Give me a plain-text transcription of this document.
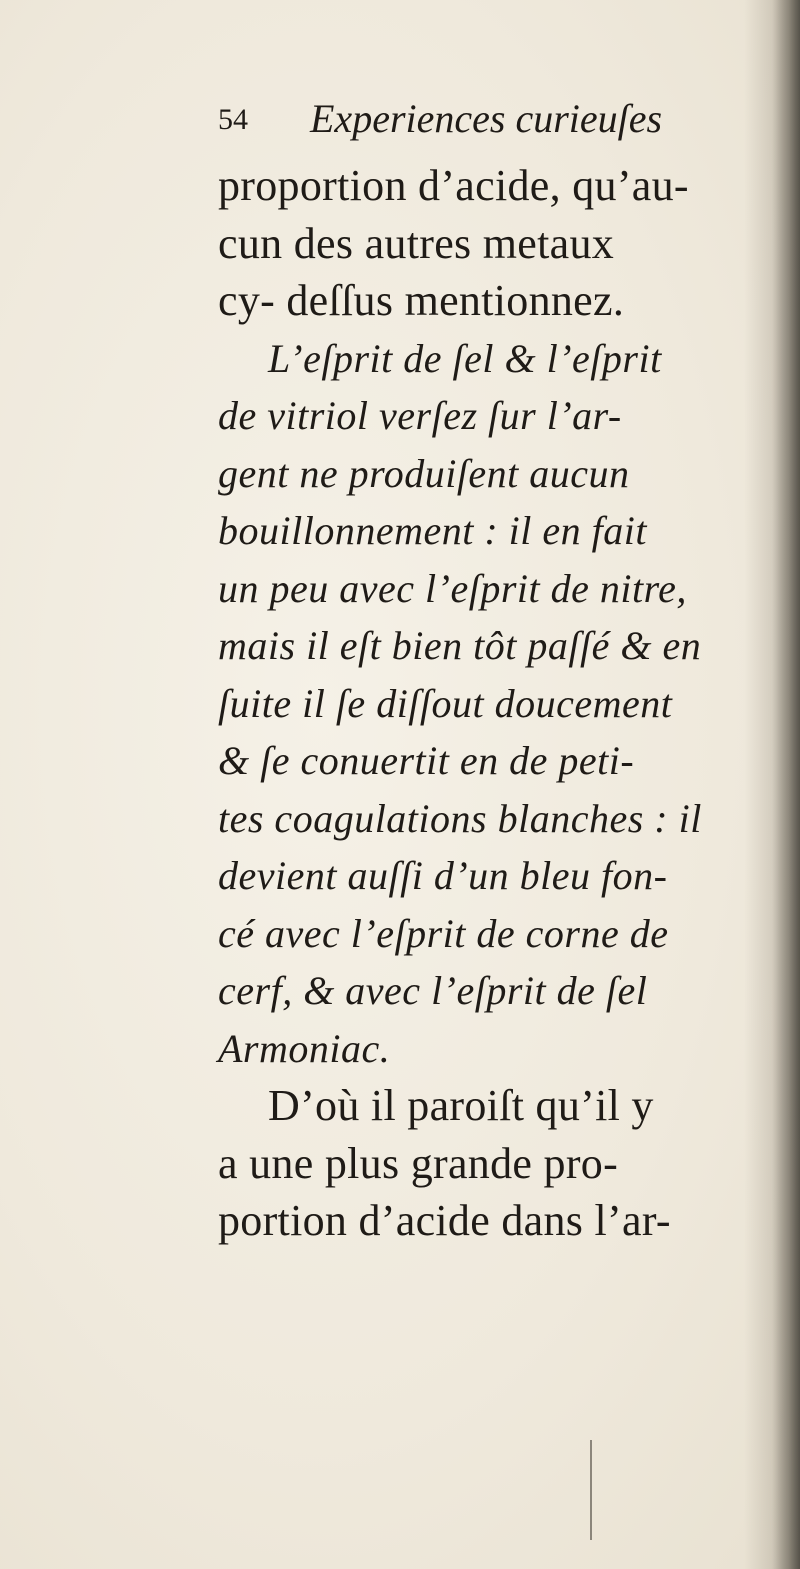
54 Experiences curieuſes
proportion d’acide, qu’au-
cun des autres metaux
cy- deſſus mentionnez.
L’eſprit de ſel & l’eſprit
de vitriol verſez ſur l’ar-
gent ne produiſent aucun
bouillonnement : il en fait
un peu avec l’eſprit de nitre,
mais il eſt bien tôt paſſé & en
ſuite il ſe diſſout doucement
& ſe conuertit en de peti-
tes coagulations blanches : il
devient auſſi d’un bleu fon-
cé avec l’eſprit de corne de
cerf, & avec l’eſprit de ſel
Armoniac.
D’où il paroiſt qu’il y
a une plus grande pro-
portion d’acide dans l’ar-
